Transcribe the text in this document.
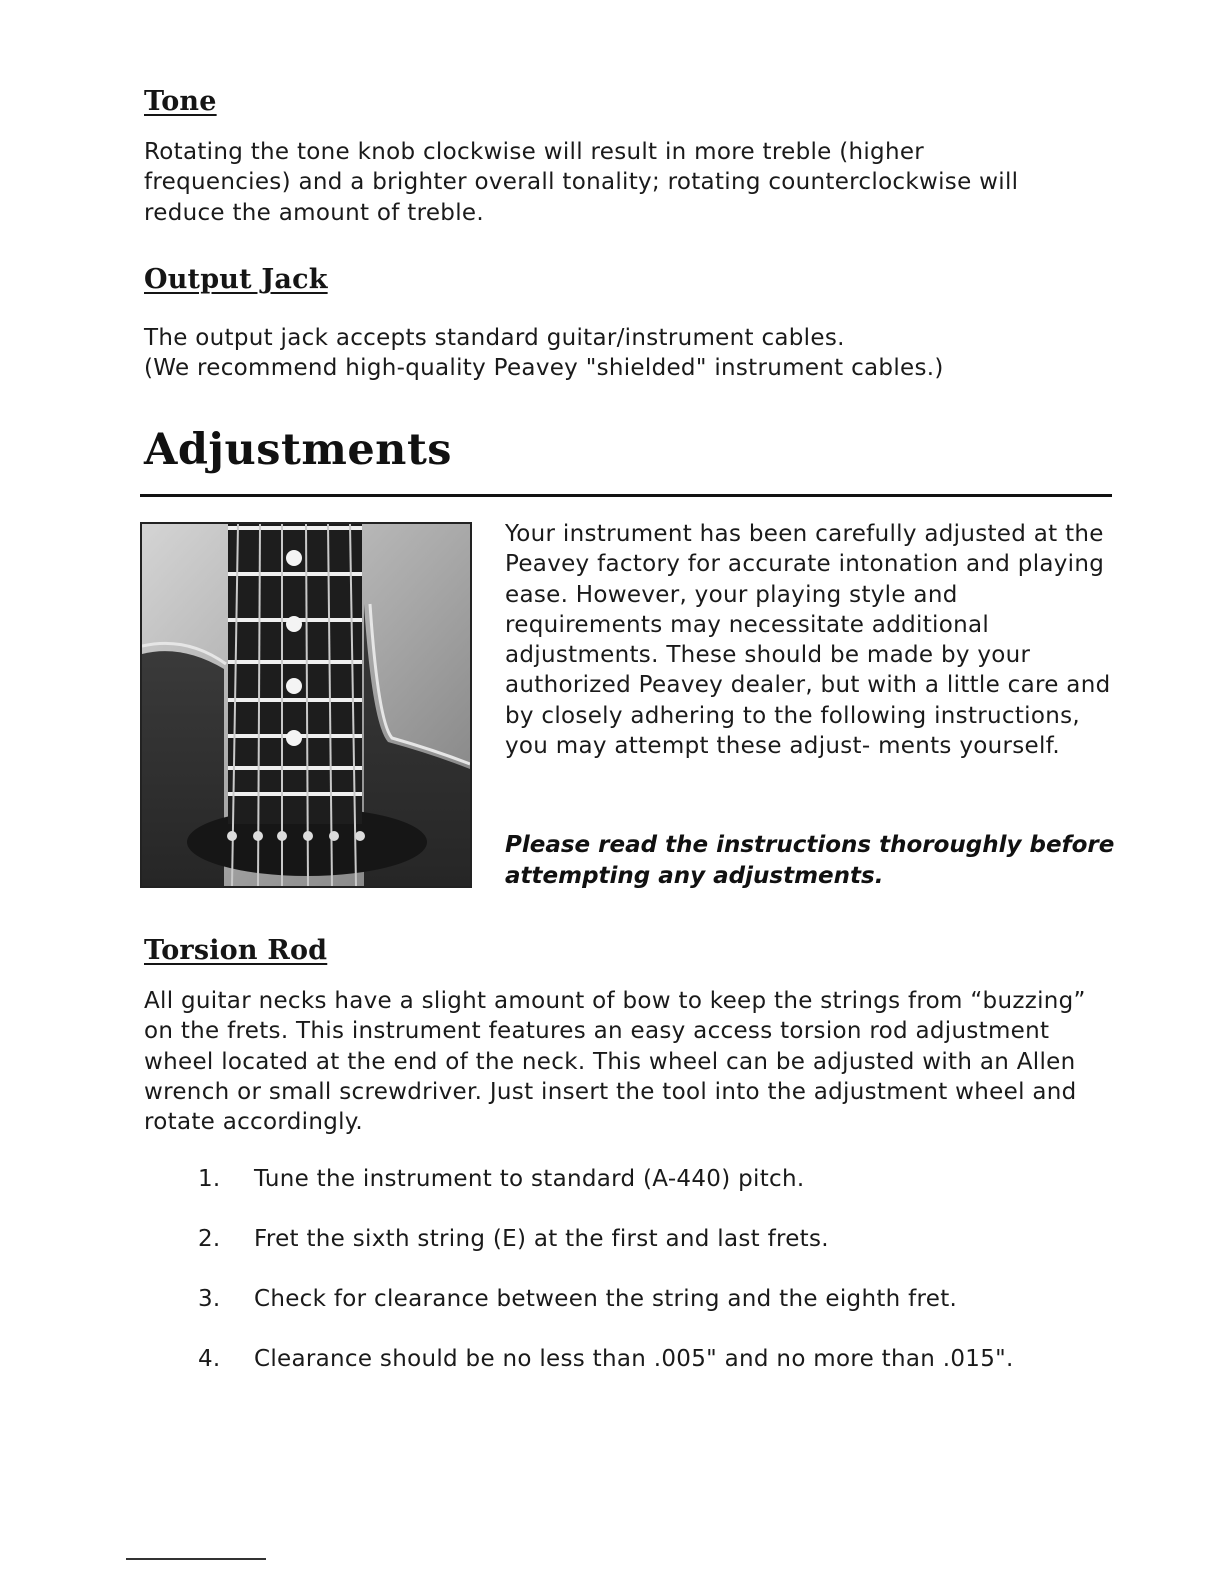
Tone

Rotating the tone knob clockwise will result in more treble (higher frequencies) and a brighter overall tonality; rotating counterclockwise will reduce the amount of treble.

Output Jack

The output jack accepts standard guitar/instrument cables.
(We recommend high-quality Peavey "shielded" instrument cables.)

Adjustments

Your instrument has been carefully adjusted at the Peavey factory for accurate intonation and playing ease. However, your playing style and requirements may necessitate additional adjustments. These should be made by your authorized Peavey dealer, but with a little care and by closely adhering to the following instructions, you may attempt these adjust- ments yourself.

Please read the instructions thoroughly before attempting any adjustments.

Torsion Rod

All guitar necks have a slight amount of bow to keep the strings from “buzzing” on the frets. This instrument features an easy access torsion rod adjustment wheel located at the end of the neck. This wheel can be adjusted with an Allen wrench or small screwdriver. Just insert the tool into the adjustment wheel and rotate accordingly.

1.	Tune the instrument to standard (A-440) pitch.
2.	Fret the sixth string (E) at the first and last frets.
3.	Check for clearance between the string and the eighth fret.
4.	Clearance should be no less than .005" and no more than .015".
